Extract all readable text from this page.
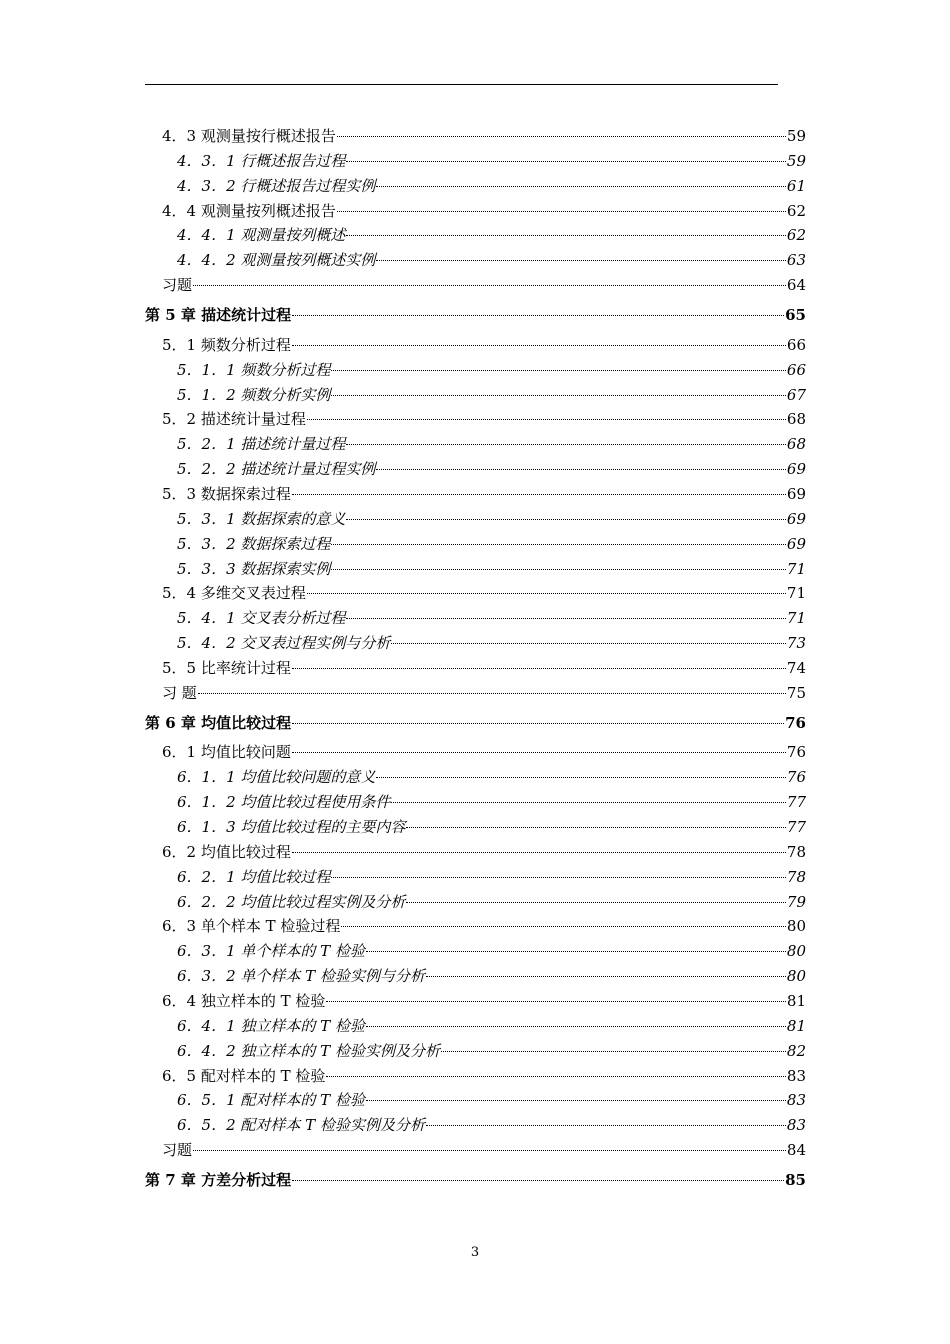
4．3 观测量按行概述报告	59
4．3．1 行概述报告过程	59
4．3．2 行概述报告过程实例	61
4．4 观测量按列概述报告	62
4．4．1 观测量按列概述	62
4．4．2 观测量按列概述实例	63
习题	64
第 5 章 描述统计过程	65
5．1 频数分析过程	66
5．1．1 频数分析过程	66
5．1．2 频数分析实例	67
5．2 描述统计量过程	68
5．2．1 描述统计量过程	68
5．2．2 描述统计量过程实例	69
5．3 数据探索过程	69
5．3．1 数据探索的意义	69
5．3．2 数据探索过程	69
5．3．3 数据探索实例	71
5．4 多维交叉表过程	71
5．4．1 交叉表分析过程	71
5．4．2 交叉表过程实例与分析	73
5．5 比率统计过程	74
习 题	75
第 6 章 均值比较过程	76
6．1 均值比较问题	76
6．1．1 均值比较问题的意义	76
6．1．2 均值比较过程使用条件	77
6．1．3 均值比较过程的主要内容	77
6．2 均值比较过程	78
6．2．1 均值比较过程	78
6．2．2 均值比较过程实例及分析	79
6．3 单个样本 T 检验过程	80
6．3．1 单个样本的 T 检验	80
6．3．2 单个样本 T 检验实例与分析	80
6．4 独立样本的 T 检验	81
6．4．1 独立样本的 T 检验	81
6．4．2 独立样本的 T 检验实例及分析	82
6．5 配对样本的 T 检验	83
6．5．1 配对样本的 T 检验	83
6．5．2 配对样本 T 检验实例及分析	83
习题	84
第 7 章 方差分析过程	85
3
